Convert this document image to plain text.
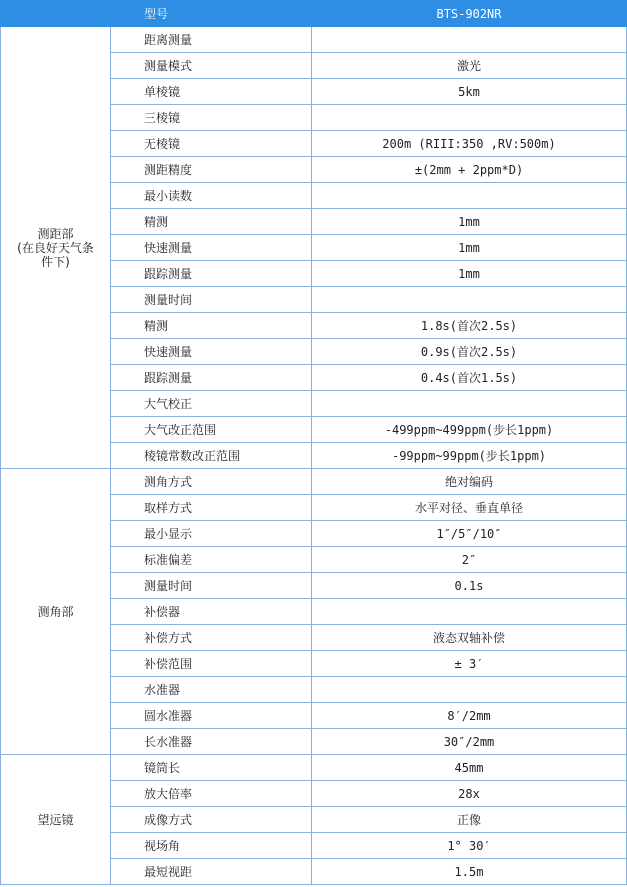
	型号	BTS-902NR
测距部
(在良好天气条
件下)	距离测量	
	测量模式	激光
	单棱镜	5km
	三棱镜	
	无棱镜	200m (RIII:350 ,RV:500m)
	测距精度	±(2mm + 2ppm*D)
	最小读数	
	精测	1mm
	快速测量	1mm
	跟踪测量	1mm
	测量时间	
	精测	1.8s(首次2.5s)
	快速测量	0.9s(首次2.5s)
	跟踪测量	0.4s(首次1.5s)
	大气校正	
	大气改正范围	-499ppm~499ppm(步长1ppm)
	棱镜常数改正范围	-99ppm~99ppm(步长1ppm)
测角部	测角方式	绝对编码
	取样方式	水平对径、垂直单径
	最小显示	1″/5″/10″
	标准偏差	2″
	测量时间	0.1s
	补偿器	
	补偿方式	液态双轴补偿
	补偿范围	± 3′
	水准器	
	圆水准器	8′/2mm
	长水准器	30″/2mm
望远镜	镜筒长	45mm
	放大倍率	28x
	成像方式	正像
	视场角	1° 30′
	最短视距	1.5m
